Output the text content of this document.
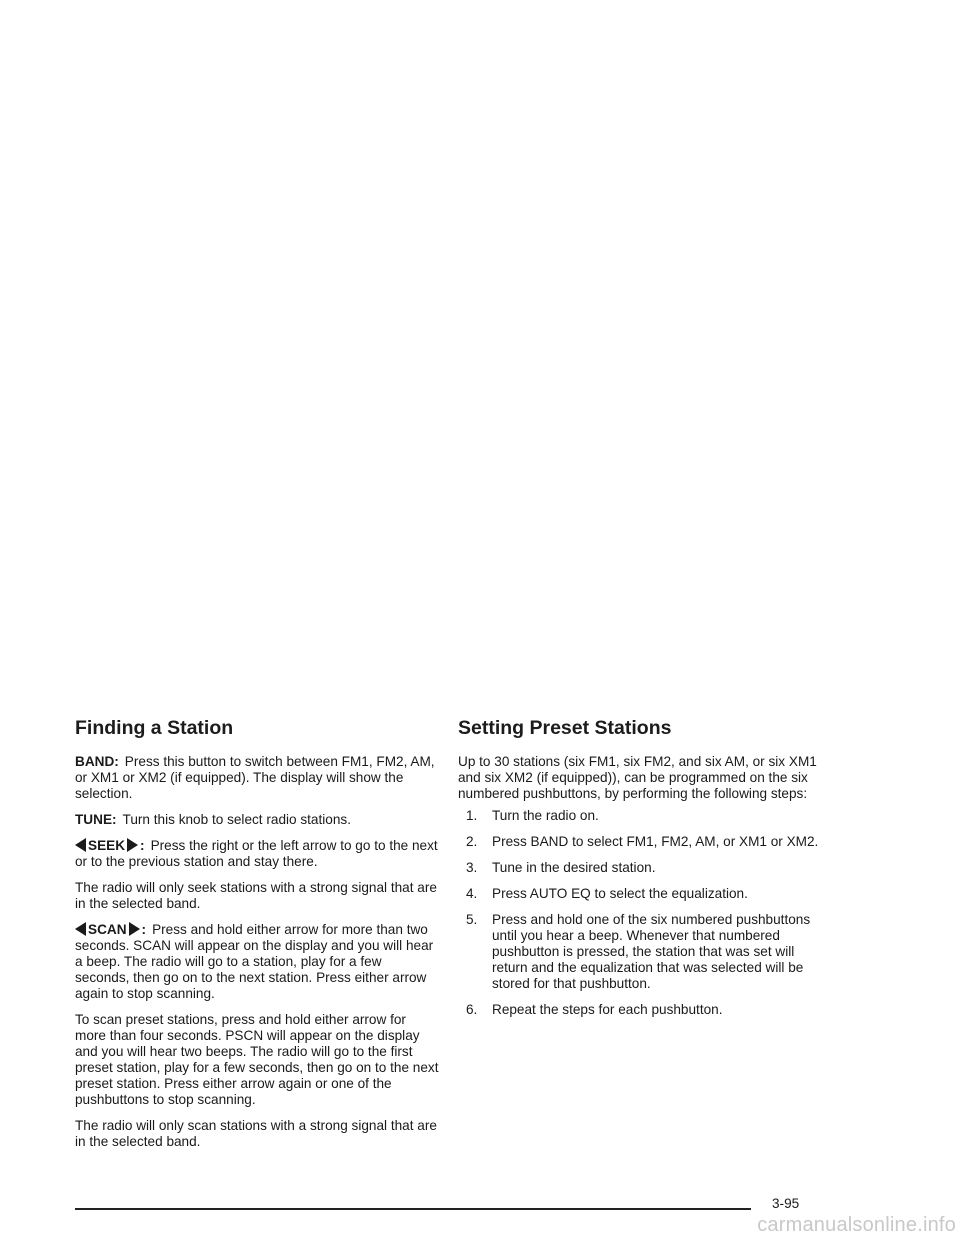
Finding a Station

BAND: Press this button to switch between FM1, FM2, AM, or XM1 or XM2 (if equipped). The display will show the selection.

TUNE: Turn this knob to select radio stations.

SEEK : Press the right or the left arrow to go to the next or to the previous station and stay there.

The radio will only seek stations with a strong signal that are in the selected band.

SCAN : Press and hold either arrow for more than two seconds. SCAN will appear on the display and you will hear a beep. The radio will go to a station, play for a few seconds, then go on to the next station. Press either arrow again to stop scanning.

To scan preset stations, press and hold either arrow for more than four seconds. PSCN will appear on the display and you will hear two beeps. The radio will go to the first preset station, play for a few seconds, then go on to the next preset station. Press either arrow again or one of the pushbuttons to stop scanning.

The radio will only scan stations with a strong signal that are in the selected band.

Setting Preset Stations

Up to 30 stations (six FM1, six FM2, and six AM, or six XM1 and six XM2 (if equipped)), can be programmed on the six numbered pushbuttons, by performing the following steps:

1. Turn the radio on.
2. Press BAND to select FM1, FM2, AM, or XM1 or XM2.
3. Tune in the desired station.
4. Press AUTO EQ to select the equalization.
5. Press and hold one of the six numbered pushbuttons until you hear a beep. Whenever that numbered pushbutton is pressed, the station that was set will return and the equalization that was selected will be stored for that pushbutton.
6. Repeat the steps for each pushbutton.
3-95
carmanualsonline.info
